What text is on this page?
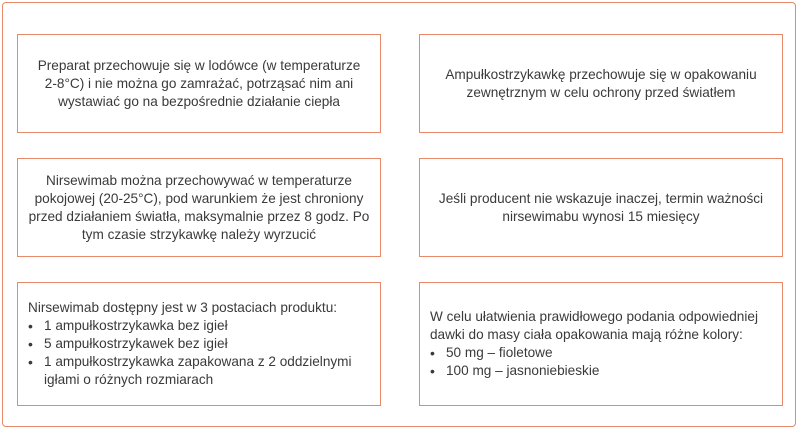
Preparat przechowuje się w lodówce (w temperaturze 2-8°C) i nie można go zamrażać, potrząsać nim ani wystawiać go na bezpośrednie działanie ciepła

Ampułkostrzykawkę przechowuje się w opakowaniu zewnętrznym w celu ochrony przed światłem

Nirsewimab można przechowywać w temperaturze pokojowej (20-25°C), pod warunkiem że jest chroniony przed działaniem światła, maksymalnie przez 8 godz. Po tym czasie strzykawkę należy wyrzucić

Jeśli producent nie wskazuje inaczej, termin ważności nirsewimabu wynosi 15 miesięcy

Nirsewimab dostępny jest w 3 postaciach produktu:

• 1 ampułkostrzykawka bez igieł
• 5 ampułkostrzykawek bez igieł
• 1 ampułkostrzykawka zapakowana z 2 oddzielnymi igłami o różnych rozmiarach

W celu ułatwienia prawidłowego podania odpowiedniej dawki do masy ciała opakowania mają różne kolory:

• 50 mg – fioletowe
• 100 mg – jasnoniebieskie
